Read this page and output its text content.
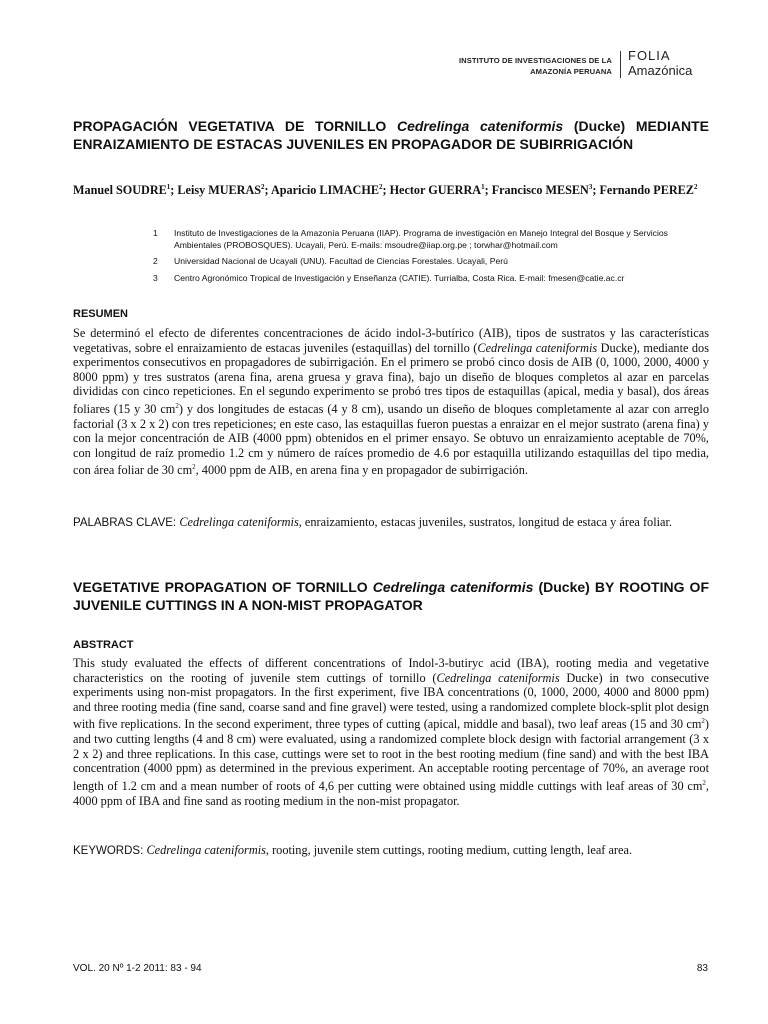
INSTITUTO DE INVESTIGACIONES DE LA
AMAZONÍA PERUANA
FOLIA
Amazónica
PROPAGACIÓN VEGETATIVA DE TORNILLO Cedrelinga cateniformis (Ducke) MEDIANTE ENRAIZAMIENTO DE ESTACAS JUVENILES EN PROPAGADOR DE SUBIRRIGACIÓN
Manuel SOUDRE$^1$; Leisy MUERAS$^2$; Aparicio LIMACHE$^2$; Hector GUERRA$^1$; Francisco MESEN$^3$; Fernando PEREZ$^2$
1	Instituto de Investigaciones de la Amazonía Peruana (IIAP). Programa de investigación en Manejo Integral del Bosque y Servicios Ambientales (PROBOSQUES). Ucayali, Perú. E-mails: msoudre@iiap.org.pe ; torwhar@hotmail.com
2	Universidad Nacional de Ucayali (UNU). Facultad de Ciencias Forestales. Ucayali, Perú
3	Centro Agronómico Tropical de Investigación y Enseñanza (CATIE). Turrialba, Costa Rica. E-mail: fmesen@catie.ac.cr
RESUMEN
Se determinó el efecto de diferentes concentraciones de ácido indol-3-butírico (AIB), tipos de sustratos y las características vegetativas, sobre el enraizamiento de estacas juveniles (estaquillas) del tornillo (Cedrelinga cateniformis Ducke), mediante dos experimentos consecutivos en propagadores de subirrigación. En el primero se probó cinco dosis de AIB (0, 1000, 2000, 4000 y 8000 ppm) y tres sustratos (arena fina, arena gruesa y grava fina), bajo un diseño de bloques completos al azar en parcelas divididas con cinco repeticiones. En el segundo experimento se probó tres tipos de estaquillas (apical, media y basal), dos áreas foliares (15 y 30 $cm^2$) y dos longitudes de estacas (4 y 8 cm), usando un diseño de bloques completamente al azar con arreglo factorial (3 x 2 x 2) con tres repeticiones; en este caso, las estaquillas fueron puestas a enraizar en el mejor sustrato (arena fina) y con la mejor concentración de AIB (4000 ppm) obtenidos en el primer ensayo. Se obtuvo un enraizamiento aceptable de 70%, con longitud de raíz promedio 1.2 cm y número de raíces promedio de 4.6 por estaquilla utilizando estaquillas del tipo media, con área foliar de 30 $cm^2$, 4000 ppm de AIB, en arena fina y en propagador de subirrigación.
PALABRAS CLAVE: Cedrelinga cateniformis, enraizamiento, estacas juveniles, sustratos, longitud de estaca y área foliar.
VEGETATIVE PROPAGATION OF TORNILLO Cedrelinga cateniformis (Ducke) BY ROOTING OF JUVENILE CUTTINGS IN A NON-MIST PROPAGATOR
ABSTRACT
This study evaluated the effects of different concentrations of Indol-3-butiryc acid (IBA), rooting media and vegetative characteristics on the rooting of juvenile stem cuttings of tornillo (Cedrelinga cateniformis Ducke) in two consecutive experiments using non-mist propagators. In the first experiment, five IBA concentrations (0, 1000, 2000, 4000 and 8000 ppm) and three rooting media (fine sand, coarse sand and fine gravel) were tested, using a randomized complete block-split plot design with five replications. In the second experiment, three types of cutting (apical, middle and basal), two leaf areas (15 and 30 $cm^2$) and two cutting lengths (4 and 8 cm) were evaluated, using a randomized complete block design with factorial arrangement (3 x 2 x 2) and three replications. In this case, cuttings were set to root in the best rooting medium (fine sand) and with the best IBA concentration (4000 ppm) as determined in the previous experiment. An acceptable rooting percentage of 70%, an average root length of 1.2 cm and a mean number of roots of 4,6 per cutting were obtained using middle cuttings with leaf areas of 30 $cm^2$, 4000 ppm of IBA and fine sand as rooting medium in the non-mist propagator.
KEYWORDS: Cedrelinga cateniformis, rooting, juvenile stem cuttings, rooting medium, cutting length, leaf area.
VOL. 20 Nº 1-2 2011: 83 - 94	83
